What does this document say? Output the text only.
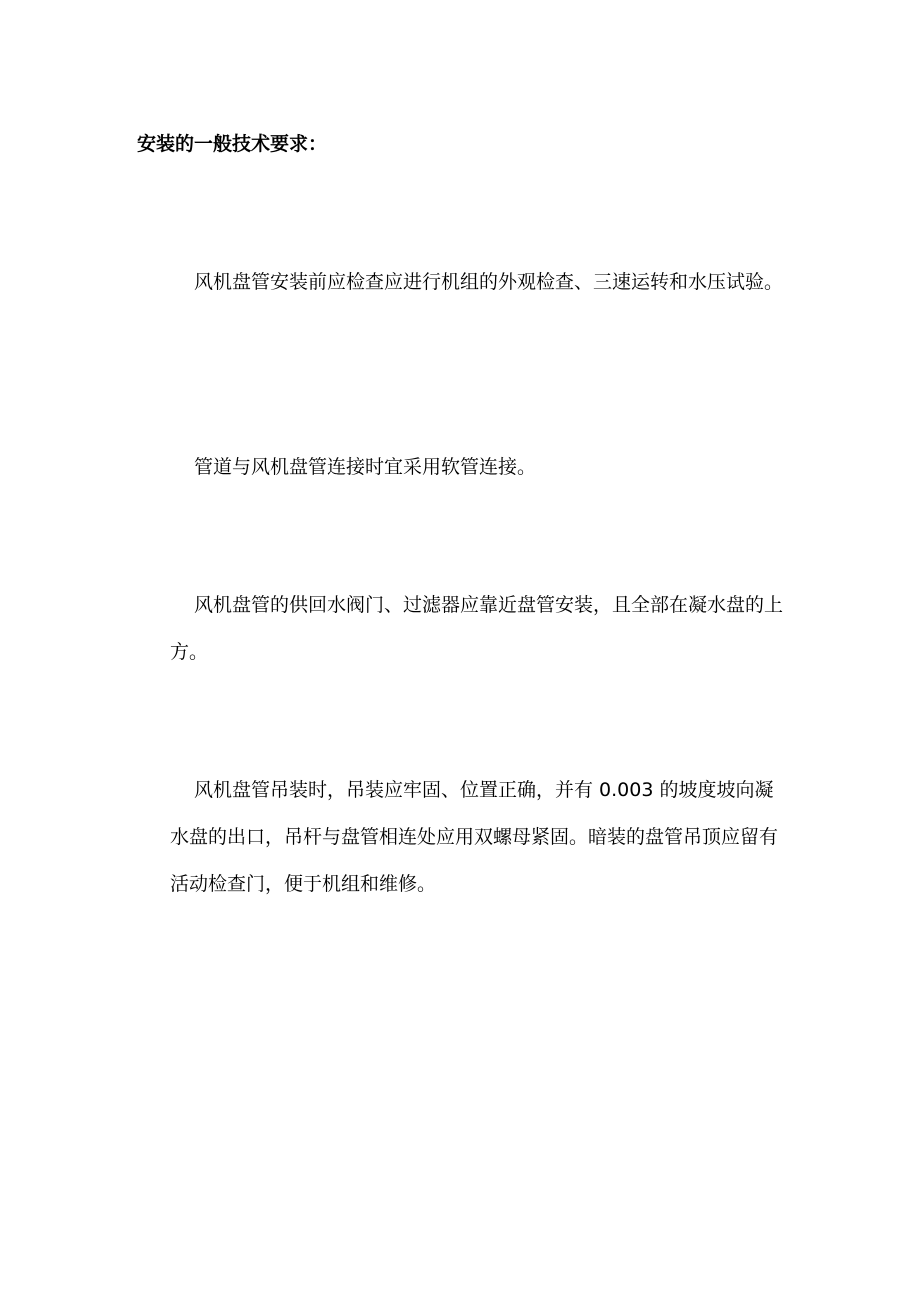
安装的一般技术要求：

风机盘管安装前应检查应进行机组的外观检查、三速运转和水压试验。

管道与风机盘管连接时宜采用软管连接。

风机盘管的供回水阀门、过滤器应靠近盘管安装，且全部在凝水盘的上方。

风机盘管吊装时，吊装应牢固、位置正确，并有 0.003 的坡度坡向凝水盘的出口，吊杆与盘管相连处应用双螺母紧固。暗装的盘管吊顶应留有活动检查门，便于机组和维修。
